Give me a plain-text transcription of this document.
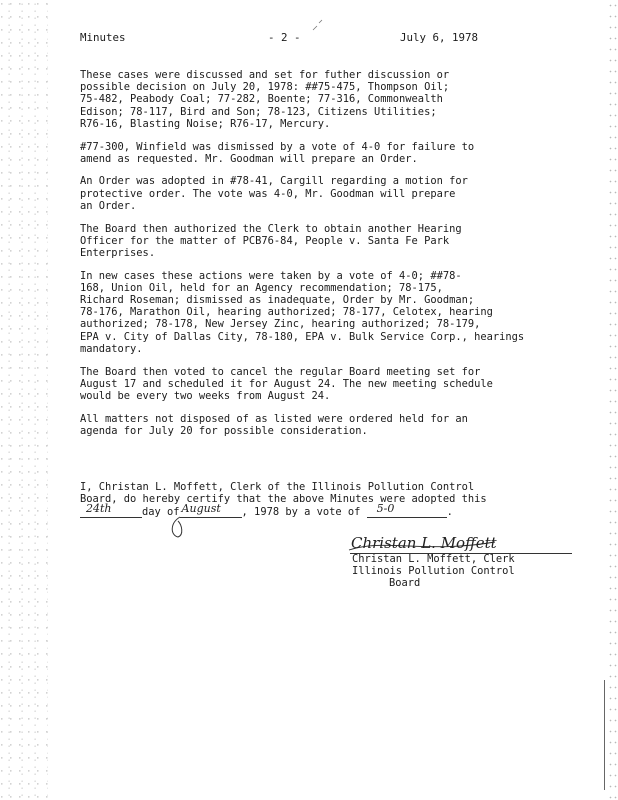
Minutes	- 2 -	July 6, 1978

These cases were discussed and set for futher discussion or
possible decision on July 20, 1978: ##75-475, Thompson Oil;
75-482, Peabody Coal; 77-282, Boente; 77-316, Commonwealth
Edison; 78-117, Bird and Son; 78-123, Citizens Utilities;
R76-16, Blasting Noise; R76-17, Mercury.

#77-300, Winfield was dismissed by a vote of 4-0 for failure to
amend as requested. Mr. Goodman will prepare an Order.

An Order was adopted in #78-41, Cargill regarding a motion for
protective order. The vote was 4-0, Mr. Goodman will prepare
an Order.

The Board then authorized the Clerk to obtain another Hearing
Officer for the matter of PCB76-84, People v. Santa Fe Park
Enterprises.

In new cases these actions were taken by a vote of 4-0; ##78-
168, Union Oil, held for an Agency recommendation; 78-175,
Richard Roseman; dismissed as inadequate, Order by Mr. Goodman;
78-176, Marathon Oil, hearing authorized; 78-177, Celotex, hearing
authorized; 78-178, New Jersey Zinc, hearing authorized; 78-179,
EPA v. City of Dallas City, 78-180, EPA v. Bulk Service Corp., hearings
mandatory.

The Board then voted to cancel the regular Board meeting set for
August 17 and scheduled it for August 24. The new meeting schedule
would be every two weeks from August 24.

All matters not disposed of as listed were ordered held for an
agenda for July 20 for possible consideration.

I, Christan L. Moffett, Clerk of the Illinois Pollution Control
Board, do hereby certify that the above Minutes were adopted this
24th	day of August , 1978 by a vote of 5-0	.
Christan L. Moffett
Christan L. Moffett, Clerk
Illinois Pollution Control
Board
